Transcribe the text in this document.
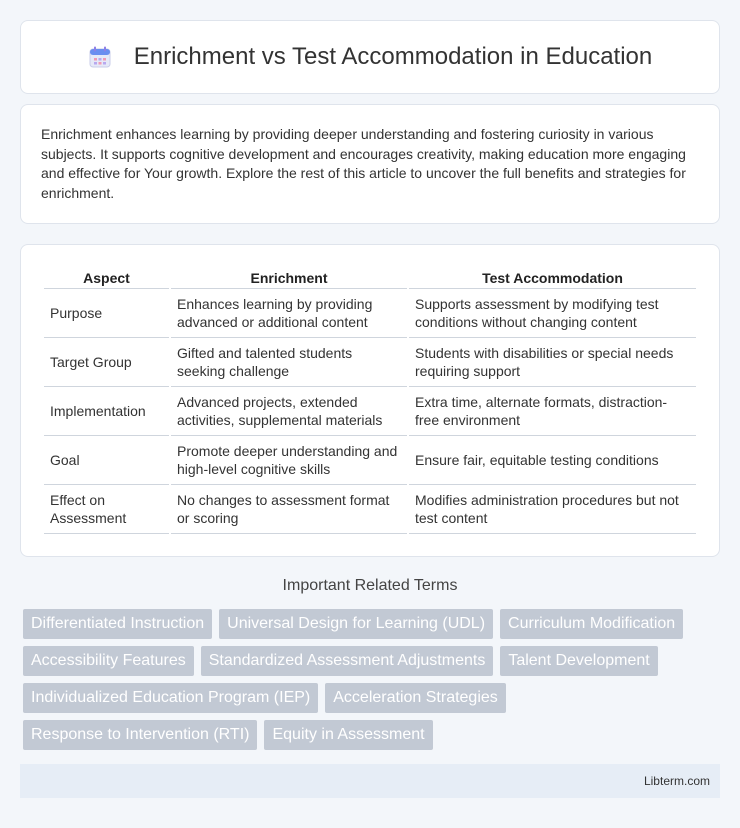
Enrichment vs Test Accommodation in Education

Enrichment enhances learning by providing deeper understanding and fostering curiosity in various subjects. It supports cognitive development and encourages creativity, making education more engaging and effective for Your growth. Explore the rest of this article to uncover the full benefits and strategies for enrichment.

Aspect	Enrichment	Test Accommodation
Purpose	Enhances learning by providing advanced or additional content	Supports assessment by modifying test conditions without changing content
Target Group	Gifted and talented students seeking challenge	Students with disabilities or special needs requiring support
Implementation	Advanced projects, extended activities, supplemental materials	Extra time, alternate formats, distraction-free environment
Goal	Promote deeper understanding and high-level cognitive skills	Ensure fair, equitable testing conditions
Effect on Assessment	No changes to assessment format or scoring	Modifies administration procedures but not test content
Important Related Terms
Differentiated Instruction	Universal Design for Learning (UDL)	Curriculum Modification
Accessibility Features	Standardized Assessment Adjustments	Talent Development
Individualized Education Program (IEP)	Acceleration Strategies
Response to Intervention (RTI)	Equity in Assessment
Libterm.com
